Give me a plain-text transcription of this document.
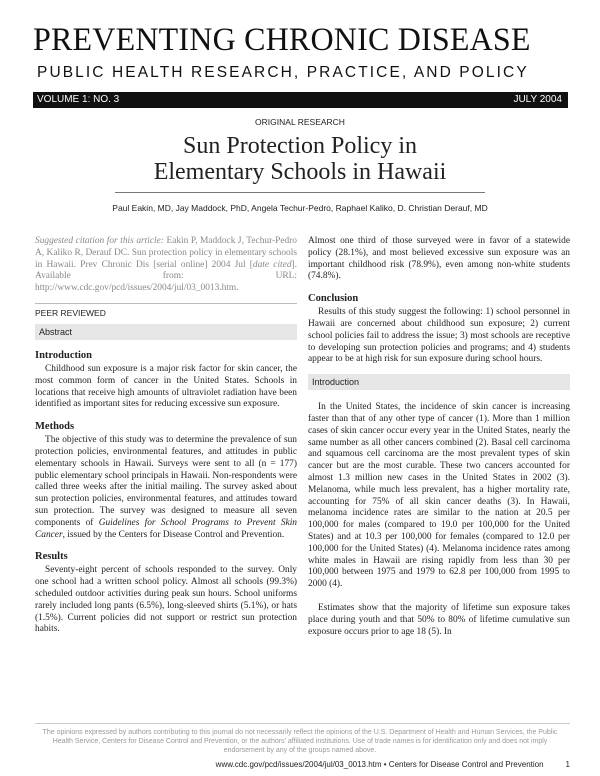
PREVENTING CHRONIC DISEASE
PUBLIC HEALTH RESEARCH, PRACTICE, AND POLICY
VOLUME 1: NO. 3	JULY 2004
ORIGINAL RESEARCH
Sun Protection Policy in
Elementary Schools in Hawaii
Paul Eakin, MD, Jay Maddock, PhD, Angela Techur-Pedro, Raphael Kaliko, D. Christian Derauf, MD

Suggested citation for this article: Eakin P, Maddock J, Techur-Pedro A, Kaliko R, Derauf DC. Sun protection policy in elementary schools in Hawaii. Prev Chronic Dis [serial online] 2004 Jul [date cited]. Available from: URL: http://www.cdc.gov/pcd/issues/2004/jul/03_0013.htm.

PEER REVIEWED

Abstract
Introduction

Childhood sun exposure is a major risk factor for skin cancer, the most common form of cancer in the United States. Schools in locations that receive high amounts of ultraviolet radiation have been identified as important sites for reducing excessive sun exposure.

Methods

The objective of this study was to determine the prevalence of sun protection policies, environmental features, and attitudes in public elementary schools in Hawaii. Surveys were sent to all (n = 177) public elementary school principals in Hawaii. Non-respondents were called three weeks after the initial mailing. The survey asked about sun protection policies, environmental features, and attitudes toward sun protection. The survey was designed to measure all seven components of Guidelines for School Programs to Prevent Skin Cancer, issued by the Centers for Disease Control and Prevention.

Results

Seventy-eight percent of schools responded to the survey. Only one school had a written school policy. Almost all schools (99.3%) scheduled outdoor activities during peak sun hours. School uniforms rarely included long pants (6.5%), long-sleeved shirts (5.1%), or hats (1.5%). Current policies did not support or restrict sun protection habits.

Almost one third of those surveyed were in favor of a statewide policy (28.1%), and most believed excessive sun exposure was an important childhood risk (78.9%), even among non-white students (74.8%).

Conclusion

Results of this study suggest the following: 1) school personnel in Hawaii are concerned about childhood sun exposure; 2) current school policies fail to address the issue; 3) most schools are receptive to developing sun protection policies and programs; and 4) students appear to be at high risk for sun exposure during school hours.

Introduction

In the United States, the incidence of skin cancer is increasing faster than that of any other type of cancer (1). More than 1 million cases of skin cancer occur every year in the United States, nearly the same number as all other cancers combined (2). Basal cell carcinoma and squamous cell carcinoma are the most prevalent types of skin cancer but are the most curable. These two cancers accounted for almost 1.3 million new cases in the United States in 2002 (3). Melanoma, while much less prevalent, has a higher mortality rate, accounting for 75% of all skin cancer deaths (3). In Hawaii, melanoma incidence rates are similar to the nation at 20.5 per 100,000 for males (compared to 19.0 per 100,000 for the United States) and at 10.3 per 100,000 for females (compared to 12.0 per 100,000 for the United States) (4). Melanoma incidence rates among white males in Hawaii are rising rapidly from less than 30 per 100,000 between 1975 and 1979 to 62.8 per 100,000 from 1995 to 2000 (4).

Estimates show that the majority of lifetime sun exposure takes place during youth and that 50% to 80% of lifetime cumulative sun exposure occurs prior to age 18 (5). In

The opinions expressed by authors contributing to this journal do not necessarily reflect the opinions of the U.S. Department of Health and Human Services, the Public Health Service, Centers for Disease Control and Prevention, or the authors' affiliated institutions. Use of trade names is for identification only and does not imply endorsement by any of the groups named above.
www.cdc.gov/pcd/issues/2004/jul/03_0013.htm • Centers for Disease Control and Prevention	1
